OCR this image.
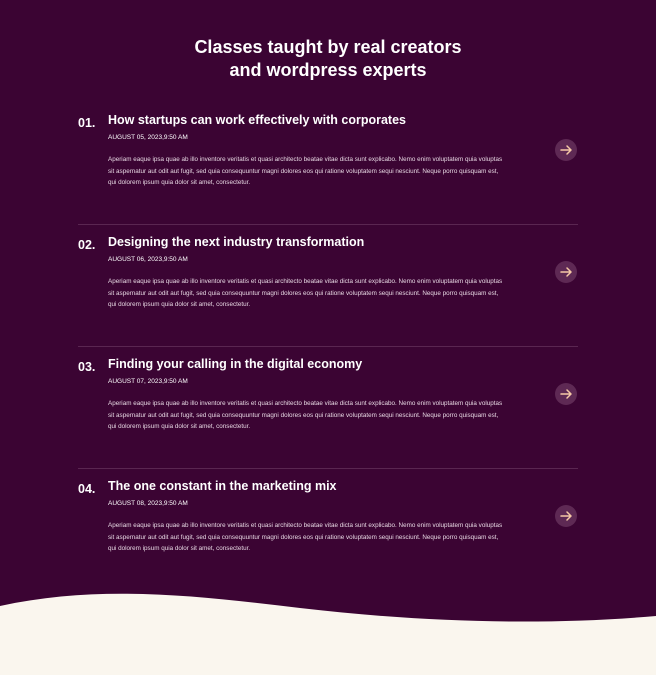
Classes taught by real creators
and wordpress experts
01. How startups can work effectively with corporates
AUGUST 05, 2023,9:50 AM

Aperiam eaque ipsa quae ab illo inventore veritatis et quasi architecto beatae vitae dicta sunt explicabo. Nemo enim voluptatem quia voluptas sit aspernatur aut odit aut fugit, sed quia consequuntur magni dolores eos qui ratione voluptatem sequi nesciunt. Neque porro quisquam est, qui dolorem ipsum quia dolor sit amet, consectetur.

02. Designing the next industry transformation
AUGUST 06, 2023,9:50 AM

Aperiam eaque ipsa quae ab illo inventore veritatis et quasi architecto beatae vitae dicta sunt explicabo. Nemo enim voluptatem quia voluptas sit aspernatur aut odit aut fugit, sed quia consequuntur magni dolores eos qui ratione voluptatem sequi nesciunt. Neque porro quisquam est, qui dolorem ipsum quia dolor sit amet, consectetur.

03. Finding your calling in the digital economy
AUGUST 07, 2023,9:50 AM

Aperiam eaque ipsa quae ab illo inventore veritatis et quasi architecto beatae vitae dicta sunt explicabo. Nemo enim voluptatem quia voluptas sit aspernatur aut odit aut fugit, sed quia consequuntur magni dolores eos qui ratione voluptatem sequi nesciunt. Neque porro quisquam est, qui dolorem ipsum quia dolor sit amet, consectetur.

04. The one constant in the marketing mix
AUGUST 08, 2023,9:50 AM

Aperiam eaque ipsa quae ab illo inventore veritatis et quasi architecto beatae vitae dicta sunt explicabo. Nemo enim voluptatem quia voluptas sit aspernatur aut odit aut fugit, sed quia consequuntur magni dolores eos qui ratione voluptatem sequi nesciunt. Neque porro quisquam est, qui dolorem ipsum quia dolor sit amet, consectetur.
